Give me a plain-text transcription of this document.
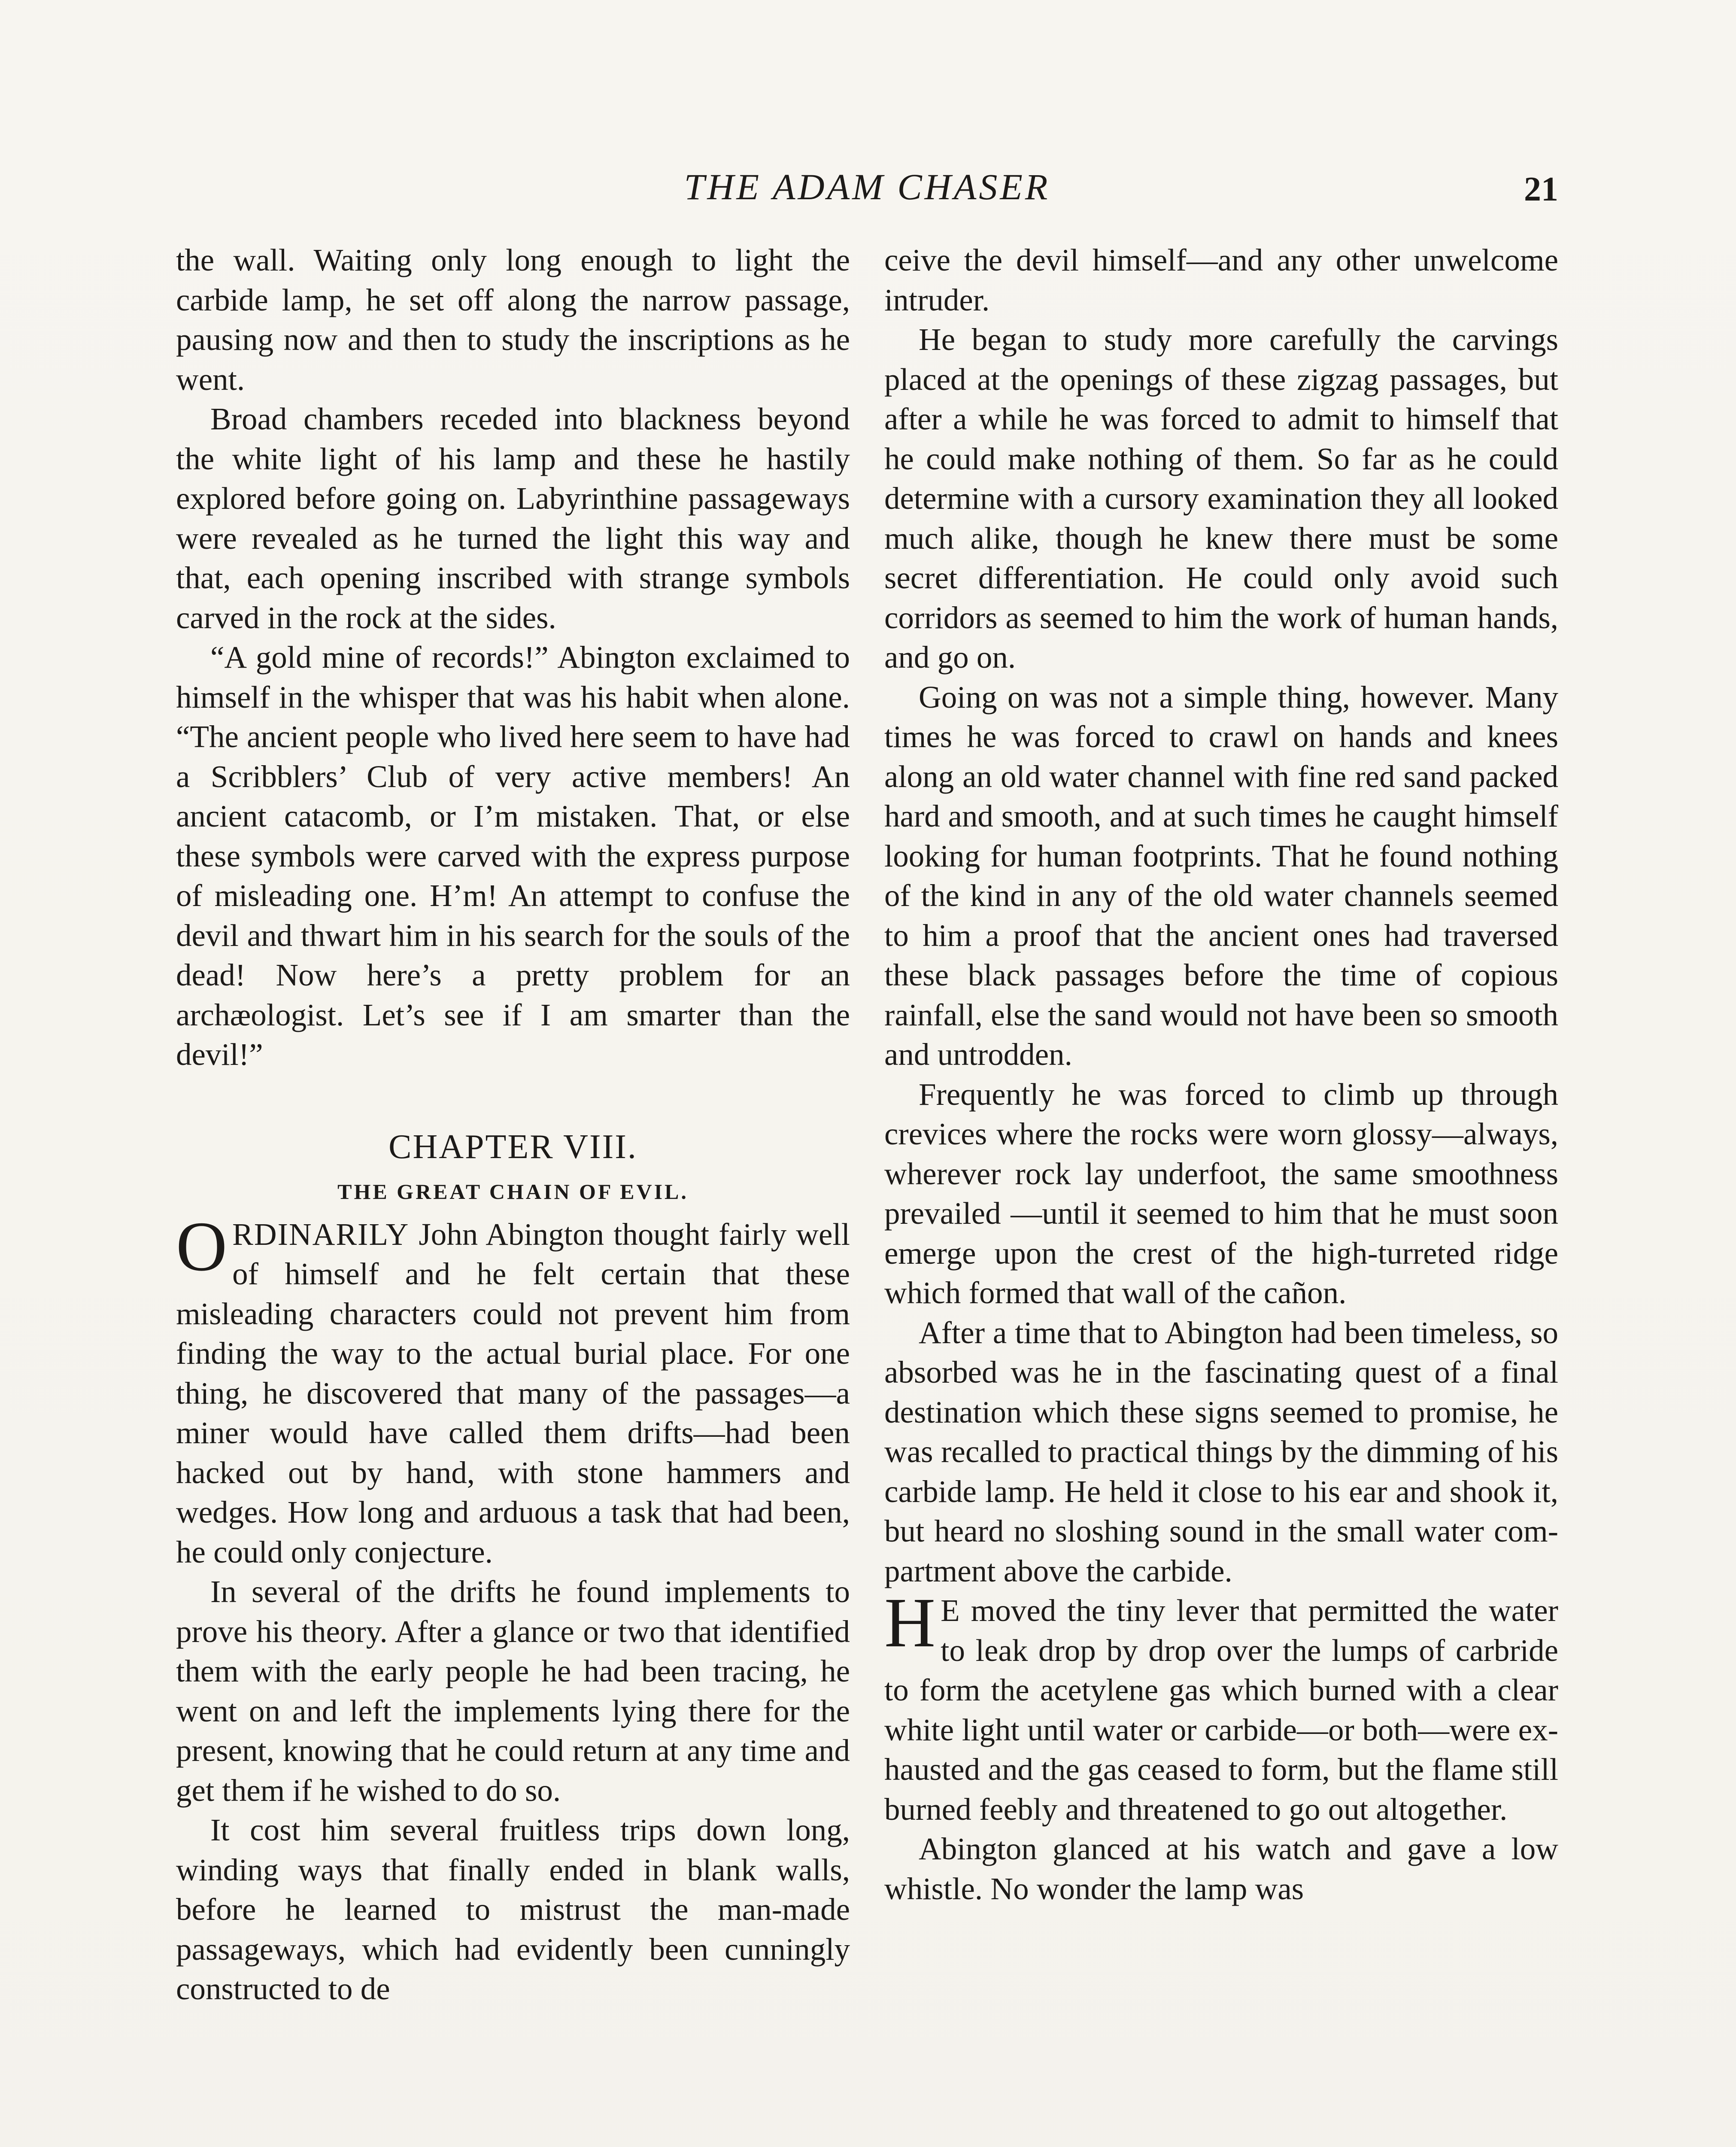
THE ADAM CHASER	21

the wall. Waiting only long enough to light the carbide lamp, he set off along the narrow passage, pausing now and then to study the inscriptions as he went.

Broad chambers receded into blackness beyond the white light of his lamp and these he hastily explored before going on. Labyrinthine passageways were revealed as he turned the light this way and that, each opening inscribed with strange symbols carved in the rock at the sides.

“A gold mine of records!” Abington exclaimed to himself in the whisper that was his habit when alone. “The ancient people who lived here seem to have had a Scribblers’ Club of very active members! An ancient catacomb, or I’m mistaken. That, or else these symbols were carved with the express purpose of misleading one. H’m! An attempt to confuse the devil and thwart him in his search for the souls of the dead! Now here’s a pretty problem for an archæologist. Let’s see if I am smarter than the devil!”

CHAPTER VIII.
THE GREAT CHAIN OF EVIL.

ORDINARILY John Abington thought fairly well of himself and he felt certain that these misleading characters could not prevent him from finding the way to the actual burial place. For one thing, he discovered that many of the passages—a miner would have called them drifts—had been hacked out by hand, with stone hammers and wedges. How long and arduous a task that had been, he could only conjecture.

In several of the drifts he found implements to prove his theory. After a glance or two that identified them with the early people he had been tracing, he went on and left the implements lying there for the present, knowing that he could return at any time and get them if he wished to do so.

It cost him several fruitless trips down long, winding ways that finally ended in blank walls, before he learned to mistrust the man-made passageways, which had evidently been cunningly constructed to de

ceive the devil himself—and any other unwelcome intruder.

He began to study more carefully the carvings placed at the openings of these zigzag passages, but after a while he was forced to admit to himself that he could make nothing of them. So far as he could determine with a cursory examination they all looked much alike, though he knew there must be some secret differentiation. He could only avoid such corridors as seemed to him the work of human hands, and go on.

Going on was not a simple thing, however. Many times he was forced to crawl on hands and knees along an old water channel with fine red sand packed hard and smooth, and at such times he caught himself looking for human footprints. That he found nothing of the kind in any of the old water channels seemed to him a proof that the ancient ones had traversed these black passages before the time of copious rainfall, else the sand would not have been so smooth and untrodden.

Frequently he was forced to climb up through crevices where the rocks were worn glossy—always, wherever rock lay underfoot, the same smoothness prevailed —until it seemed to him that he must soon emerge upon the crest of the high-turreted ridge which formed that wall of the cañon.

After a time that to Abington had been timeless, so absorbed was he in the fascinating quest of a final destination which these signs seemed to promise, he was recalled to practical things by the dimming of his carbide lamp. He held it close to his ear and shook it, but heard no sloshing sound in the small water compartment above the carbide.

H E moved the tiny lever that permitted the water to leak drop by drop over the lumps of carbride to form the acetylene gas which burned with a clear white light until water or carbide—or both—were exhausted and the gas ceased to form, but the flame still burned feebly and threatened to go out altogether.

Abington glanced at his watch and gave a low whistle. No wonder the lamp was
